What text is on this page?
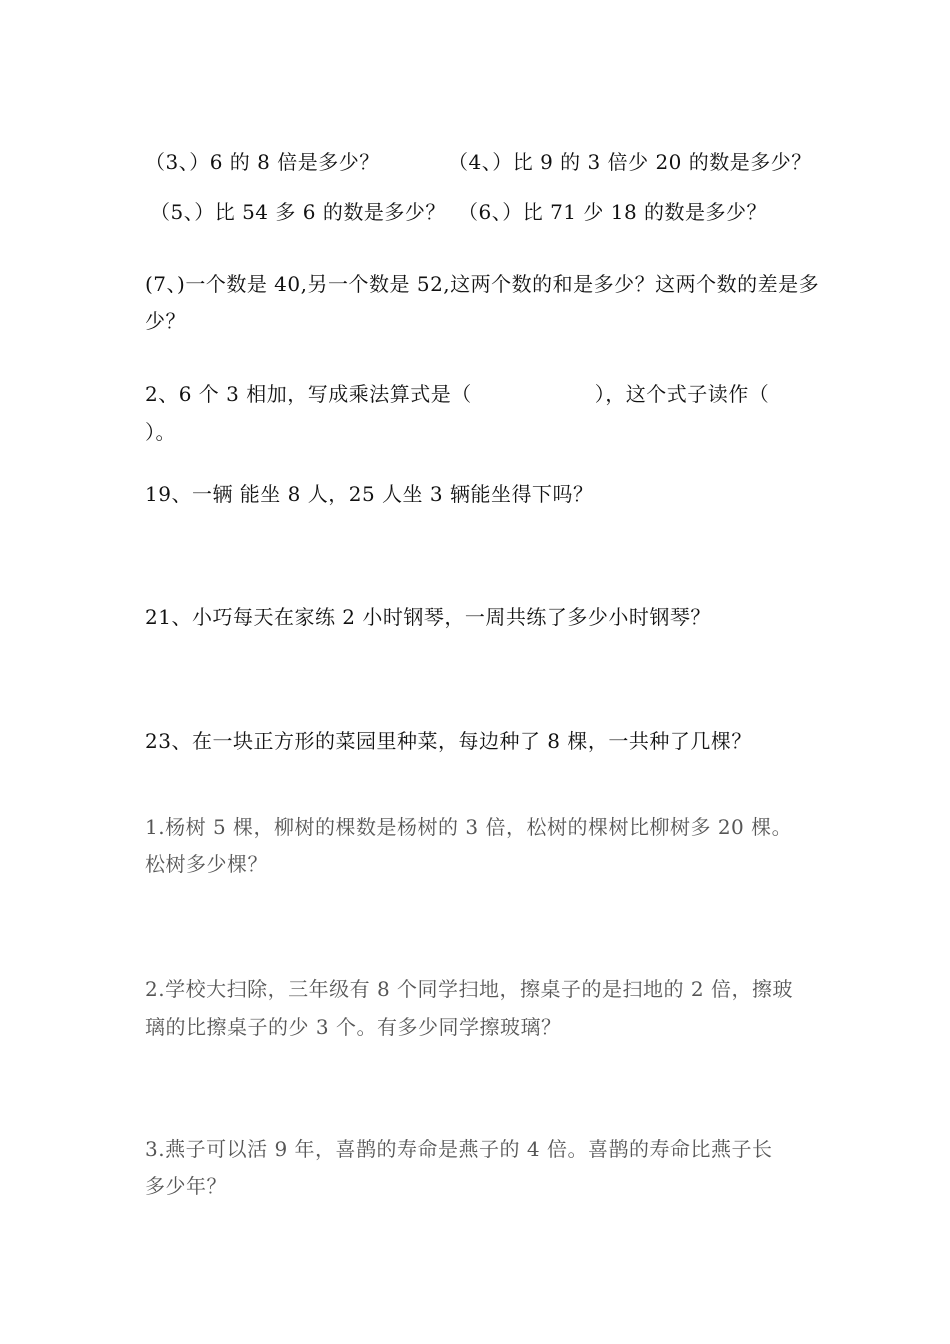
（3、）6 的 8 倍是多少？	（4、）比 9 的 3 倍少 20 的数是多少？
（5、）比 54 多 6 的数是多少？ （6、）比 71 少 18 的数是多少？
(7、)一个数是 40,另一个数是 52,这两个数的和是多少？这两个数的差是多
少？
2、6 个 3 相加，写成乘法算式是（　　　　　　），这个式子读作（
）。
19、一辆 能坐 8 人，25 人坐 3 辆能坐得下吗？
21、小巧每天在家练 2 小时钢琴，一周共练了多少小时钢琴？
23、在一块正方形的菜园里种菜，每边种了 8 棵，一共种了几棵？
1.杨树 5 棵，柳树的棵数是杨树的 3 倍，松树的棵树比柳树多 20 棵。
松树多少棵？
2.学校大扫除，三年级有 8 个同学扫地，擦桌子的是扫地的 2 倍，擦玻
璃的比擦桌子的少 3 个。有多少同学擦玻璃？
3.燕子可以活 9 年，喜鹊的寿命是燕子的 4 倍。喜鹊的寿命比燕子长
多少年？
